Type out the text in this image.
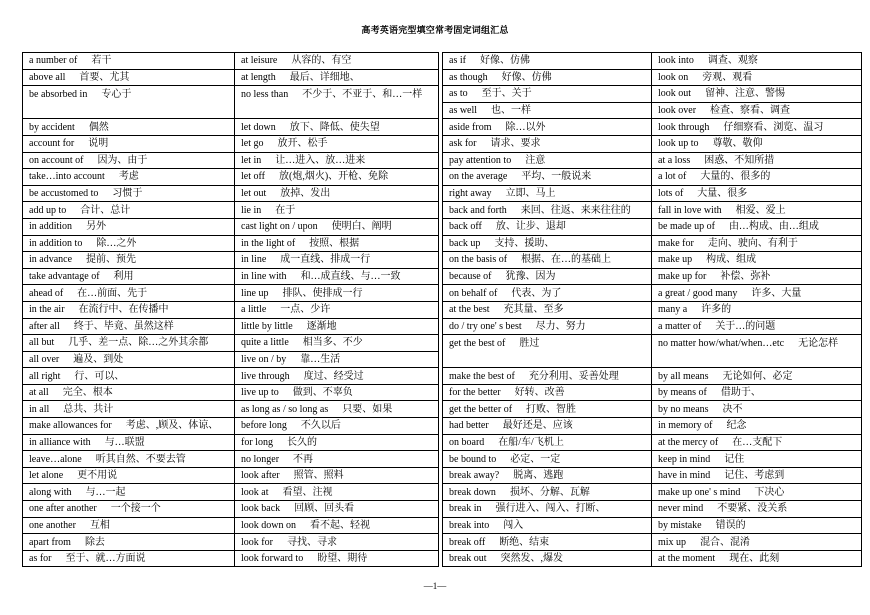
高考英语完型填空常考固定词组汇总
a number of 若干	at leisure 从容的、有空
above all 首要、尤其	at length 最后、详细地、
be absorbed in 专心于	no less than 不少于、不亚于、和…一样
by accident 偶然	let down 放下、降低、使失望
account for 说明	let go 放开、松手
on account of 因为、由于	let in 让…进入、放…进来
take…into account 考虑	let off 放(炮,烟火)、开枪、免除
be accustomed to 习惯于	let out 放掉、发出
add up to 合计、总计	lie in 在于
in addition 另外	cast light on / upon 使明白、阐明
in addition to 除…之外	in the light of 按照、根据
in advance 提前、预先	in line 成一直线、排成一行
take advantage of 利用	in line with 和…成直线、与…一致
ahead of 在…前面、先于	line up 排队、使排成一行
in the air 在流行中、在传播中	a little 一点、少许
after all 终于、毕竟、虽然这样	little by little 逐渐地
all but 几乎、差一点、除…之外其余都	quite a little 相当多、不少
all over 遍及、到处	live on / by 靠…生活
all right 行、可以、	live through 度过、经受过
at all 完全、根本	live up to 做到、不辜负
in all 总共、共计	as long as / so long as 只要、如果
make allowances for 考虑、,顾及、体谅、	before long 不久以后
in alliance with 与…联盟	for long 长久的
leave…alone 听其自然、不要去管	no longer 不再
let alone 更不用说	look after 照管、照料
along with 与…一起	look at 看望、注视
one after another 一个接一个	look back 回顾、回头看
one another 互相	look down on 看不起、轻视
apart from 除去	look for 寻找、寻求
as for 至于、就…方面说	look forward to 盼望、期待
as if 好像、仿佛	look into 调查、观察
as though 好像、仿佛	look on 旁观、观看
as to 至于、关于	look out 留神、注意、警惕
as well 也、一样	look over 检查、察看、调查
aside from 除…以外	look through 仔细察看、浏览、温习
ask for 请求、要求	look up to 尊敬、敬仰
pay attention to 注意	at a loss 困惑、不知所措
on the average 平均、一般说来	a lot of 大量的、很多的
right away 立即、马上	lots of 大量、很多
back and forth 来回、往返、来来往往的	fall in love with 相爱、爱上
back off 放、让步、退却	be made up of 由…构成、由…组成
back up 支持、援助、	make for 走向、驶向、有利于
on the basis of 根据、在…的基础上	make up 构成、组成
because of 犹豫、因为	make up for 补偿、弥补
on behalf of 代表、为了	a great / good many 许多、大量
at the best 充其量、至多	many a 许多的
do / try one' s best 尽力、努力	a matter of 关于…的问题
get the best of 胜过	no matter how/what/when…etc 无论怎样
make the best of 充分利用、妥善处理	by all means 无论如何、必定
for the better 好转、改善	by means of 借助于、
get the better of 打败、智胜	by no means 决不
had better 最好还是、应该	in memory of 纪念
on board 在船/车/飞机上	at the mercy of 在…支配下
be bound to 必定、一定	keep in mind 记住
break away? 脱离、逃跑	have in mind 记住、考虑到
break down 损坏、分解、瓦解	make up one' s mind 下决心
break in 强行进入、闯入、打断、	never mind 不要紧、没关系
break into 闯入	by mistake 错误的
break off 断绝、结束	mix up 混合、混淆
break out 突然发、,爆发	at the moment 现在、此刻
—1—
